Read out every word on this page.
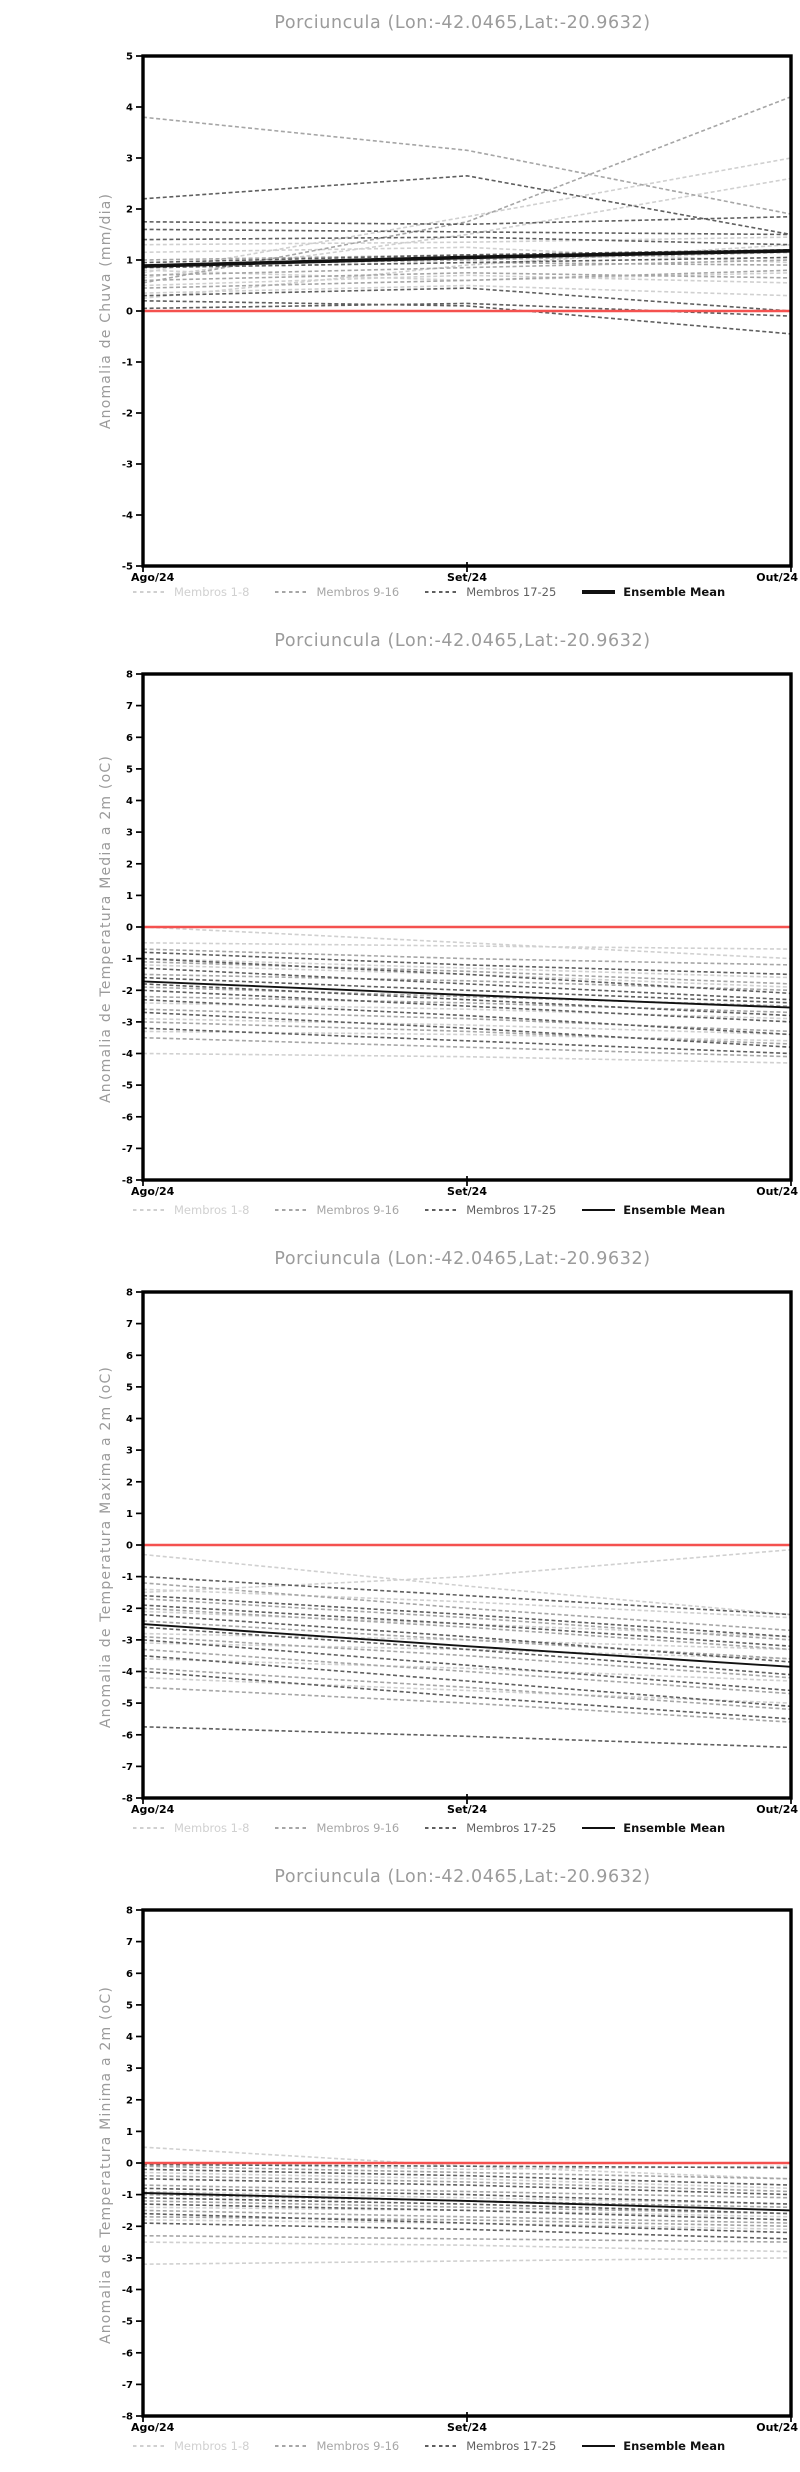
5
4
3
2
1
0
-1
-2
-3
-4
-5
Porciuncula (Lon:-42.0465,Lat:-20.9632)
Anomalia de Chuva (mm/dia)
Ago/24	Set/24	Out/24
Membros 1-8	Membros 9-16	Membros 17-25	Ensemble Mean
8
7
6
5
4
3
2
1
0
-1
-2
-3
-4
-5
-6
-7
-8
Porciuncula (Lon:-42.0465,Lat:-20.9632)
Anomalia de Temperatura Media a 2m (oC)
Ago/24	Set/24	Out/24
Membros 1-8	Membros 9-16	Membros 17-25	Ensemble Mean
8
7
6
5
4
3
2
1
0
-1
-2
-3
-4
-5
-6
-7
-8
Porciuncula (Lon:-42.0465,Lat:-20.9632)
Anomalia de Temperatura Maxima a 2m (oC)
Ago/24	Set/24	Out/24
Membros 1-8	Membros 9-16	Membros 17-25	Ensemble Mean
8
7
6
5
4
3
2
1
0
-1
-2
-3
-4
-5
-6
-7
-8
Porciuncula (Lon:-42.0465,Lat:-20.9632)
Anomalia de Temperatura Minima a 2m (oC)
Ago/24	Set/24	Out/24
Membros 1-8	Membros 9-16	Membros 17-25	Ensemble Mean
